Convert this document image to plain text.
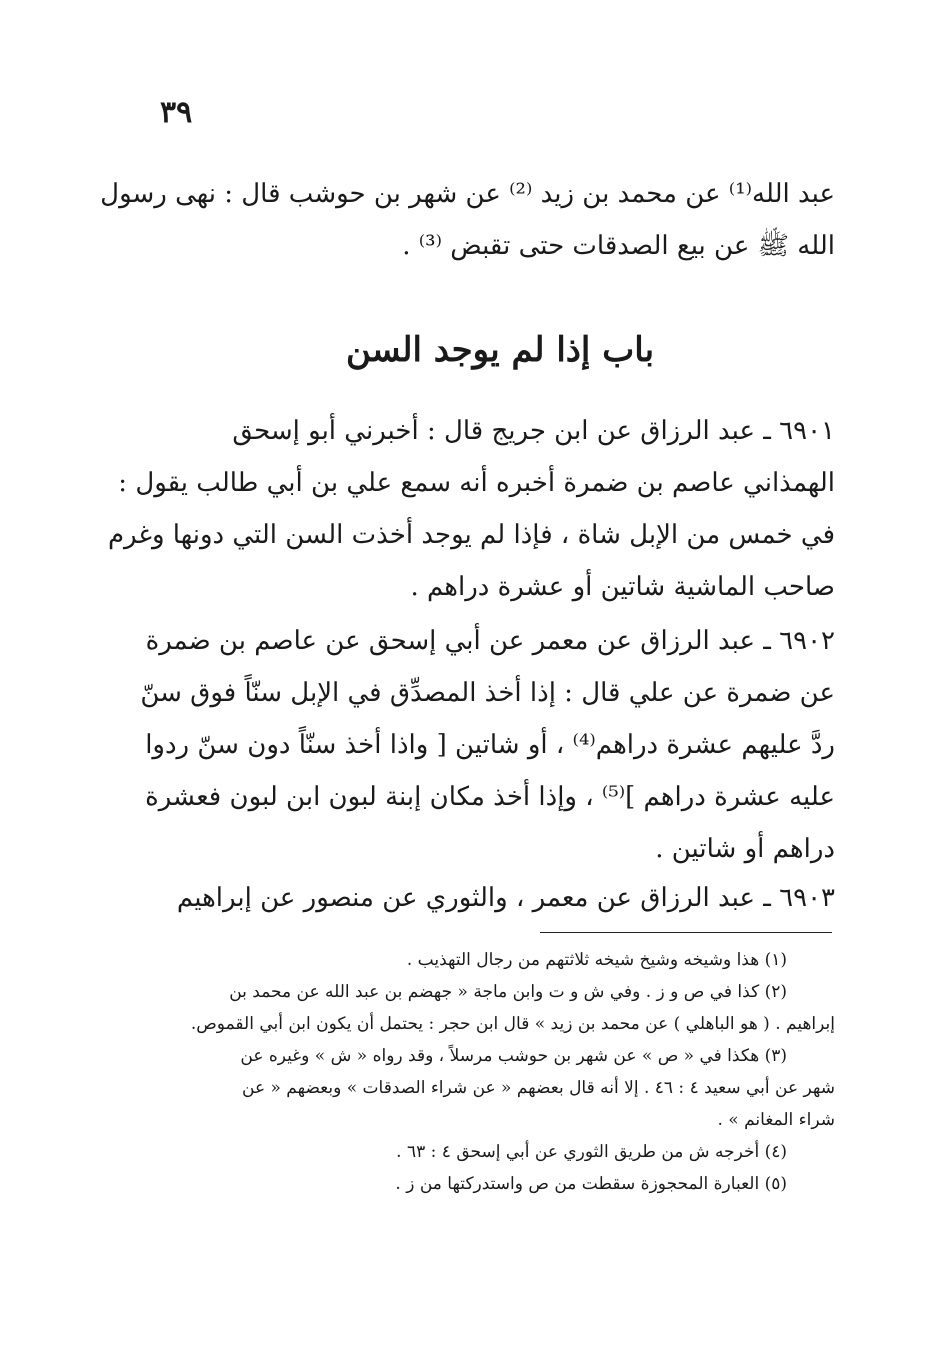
٣٩
عبد الله⁽¹⁾ عن محمد بن زيد ⁽²⁾ عن شهر بن حوشب قال : نهى رسول
الله ﷺ عن بيع الصدقات حتى تقبض ⁽³⁾ .
باب إذا لم يوجد السن
٦٩٠١ ـ عبد الرزاق عن ابن جريج قال : أخبرني أبو إسحق
الهمذاني عاصم بن ضمرة أخبره أنه سمع علي بن أبي طالب يقول :
في خمس من الإبل شاة ، فإذا لم يوجد أخذت السن التي دونها وغرم
صاحب الماشية شاتين أو عشرة دراهم .
٦٩٠٢ ـ عبد الرزاق عن معمر عن أبي إسحق عن عاصم بن ضمرة
عن ضمرة عن علي قال : إذا أخذ المصدِّق في الإبل سنّاً فوق سنّ
ردَّ عليهم عشرة دراهم⁽⁴⁾ ، أو شاتين [ واذا أخذ سنّاً دون سنّ ردوا
عليه عشرة دراهم ]⁽⁵⁾ ، وإذا أخذ مكان إبنة لبون ابن لبون فعشرة
دراهم أو شاتين .
٦٩٠٣ ـ عبد الرزاق عن معمر ، والثوري عن منصور عن إبراهيم
(١) هذا وشيخه وشيخ شيخه ثلاثتهم من رجال التهذيب .
(٢) كذا في ص و ز . وفي ش و ت وابن ماجة « جهضم بن عبد الله عن محمد بن
إبراهيم . ( هو الباهلي ) عن محمد بن زيد » قال ابن حجر : يحتمل أن يكون ابن أبي القموص.
(٣) هكذا في « ص » عن شهر بن حوشب مرسلاً ، وقد رواه « ش » وغيره عن
شهر عن أبي سعيد ٤ : ٤٦ . إلا أنه قال بعضهم « عن شراء الصدقات » وبعضهم « عن
شراء المغانم » .
(٤) أخرجه ش من طريق الثوري عن أبي إسحق ٤ : ٦٣ .
(٥) العبارة المحجوزة سقطت من ص واستدركتها من ز .
